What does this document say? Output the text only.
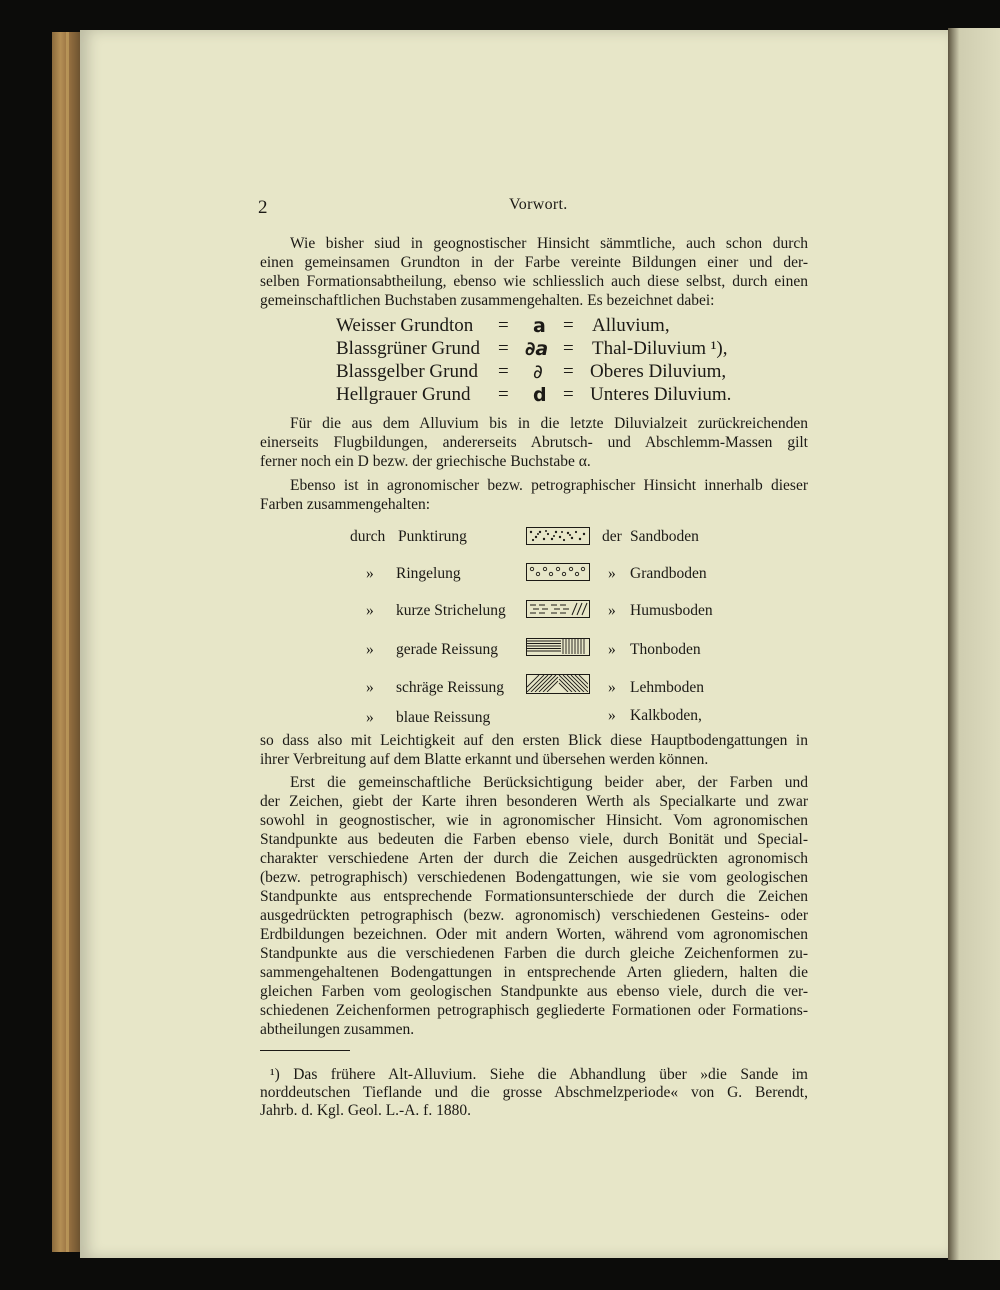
2	Vorwort.
Wie bisher siud in geognostischer Hinsicht sämmtliche, auch schon durch
einen gemeinsamen Grundton in der Farbe vereinte Bildungen einer und der-
selben Formationsabtheilung, ebenso wie schliesslich auch diese selbst, durch einen
gemeinschaftlichen Buchstaben zusammengehalten. Es bezeichnet dabei:
Weisser Grundton = a = Alluvium,
Blassgrüner Grund = ∂a = Thal-Diluvium ¹),
Blassgelber Grund = ∂ = Oberes Diluvium,
Hellgrauer Grund = d = Unteres Diluvium.
Für die aus dem Alluvium bis in die letzte Diluvialzeit zurückreichenden
einerseits Flugbildungen, andererseits Abrutsch- und Abschlemm-Massen gilt
ferner noch ein D bezw. der griechische Buchstabe α.
Ebenso ist in agronomischer bezw. petrographischer Hinsicht innerhalb dieser
Farben zusammengehalten:
durch Punktirung	der Sandboden
» Ringelung	» Grandboden
» kurze Strichelung	» Humusboden
» gerade Reissung	» Thonboden
» schräge Reissung	» Lehmboden
» blaue Reissung	» Kalkboden,
so dass also mit Leichtigkeit auf den ersten Blick diese Hauptbodengattungen in
ihrer Verbreitung auf dem Blatte erkannt und übersehen werden können.
Erst die gemeinschaftliche Berücksichtigung beider aber, der Farben und
der Zeichen, giebt der Karte ihren besonderen Werth als Specialkarte und zwar
sowohl in geognostischer, wie in agronomischer Hinsicht. Vom agronomischen
Standpunkte aus bedeuten die Farben ebenso viele, durch Bonität und Special-
charakter verschiedene Arten der durch die Zeichen ausgedrückten agronomisch
(bezw. petrographisch) verschiedenen Bodengattungen, wie sie vom geologischen
Standpunkte aus entsprechende Formationsunterschiede der durch die Zeichen
ausgedrückten petrographisch (bezw. agronomisch) verschiedenen Gesteins- oder
Erdbildungen bezeichnen. Oder mit andern Worten, während vom agronomischen
Standpunkte aus die verschiedenen Farben die durch gleiche Zeichenformen zu-
sammengehaltenen Bodengattungen in entsprechende Arten gliedern, halten die
gleichen Farben vom geologischen Standpunkte aus ebenso viele, durch die ver-
schiedenen Zeichenformen petrographisch gegliederte Formationen oder Formations-
abtheilungen zusammen.
¹) Das frühere Alt-Alluvium. Siehe die Abhandlung über »die Sande im
norddeutschen Tieflande und die grosse Abschmelzperiode« von G. Berendt,
Jahrb. d. Kgl. Geol. L.-A. f. 1880.
